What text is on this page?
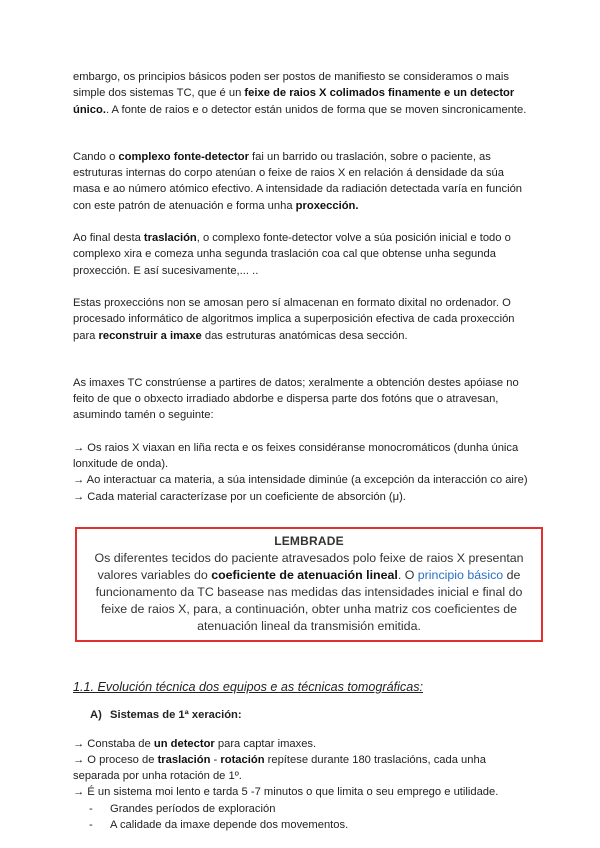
embargo, os principios básicos poden ser postos de manifiesto se consideramos o mais simple dos sistemas TC, que é un feixe de raios X colimados finamente e un detector único.. A fonte de raios e o detector están unidos de forma que se moven sincronicamente.

Cando o complexo fonte-detector fai un barrido ou traslación, sobre o paciente, as estruturas internas do corpo atenúan o feixe de raios X en relación á densidade da súa masa e ao número atómico efectivo. A intensidade da radiación detectada varía en función con este patrón de atenuación e forma unha proxección.

Ao final desta traslación, o complexo fonte-detector volve a súa posición inicial e todo o complexo xira e comeza unha segunda traslación coa cal que obtense unha segunda proxección. E así sucesivamente,... ..

Estas proxeccións non se amosan pero sí almacenan en formato dixital no ordenador. O procesado informático de algoritmos implica a superposición efectiva de cada proxección para reconstruir a imaxe das estruturas anatómicas desa sección.

As imaxes TC constrúense a partires de datos; xeralmente a obtención destes apóiase no feito de que o obxecto irradiado abdorbe e dispersa parte dos fotóns que o atravesan, asumindo tamén o seguinte:

→ Os raios X viaxan en liña recta e os feixes considéranse monocromáticos (dunha única lonxitude de onda).

→ Ao interactuar ca materia, a súa intensidade diminúe (a excepción da interacción co aire)

→ Cada material caracterízase por un coeficiente de absorción (μ).

LEMBRADE
Os diferentes tecidos do paciente atravesados polo feixe de raios X presentan valores variables do coeficiente de atenuación lineal. O principio básico de funcionamento da TC basease nas medidas das intensidades inicial e final do feixe de raios X, para, a continuación, obter unha matriz cos coeficientes de atenuación lineal da transmisión emitida.

1.1. Evolución técnica dos equipos e as técnicas tomográficas:

A) Sistemas de 1ª xeración:

→ Constaba de un detector para captar imaxes.

→ O proceso de traslación - rotación repítese durante 180 traslacións, cada unha separada por unha rotación de 1º.

→ É un sistema moi lento e tarda 5 -7 minutos o que limita o seu emprego e utilidade.

- Grandes períodos de exploración
- A calidade da imaxe depende dos movementos.
